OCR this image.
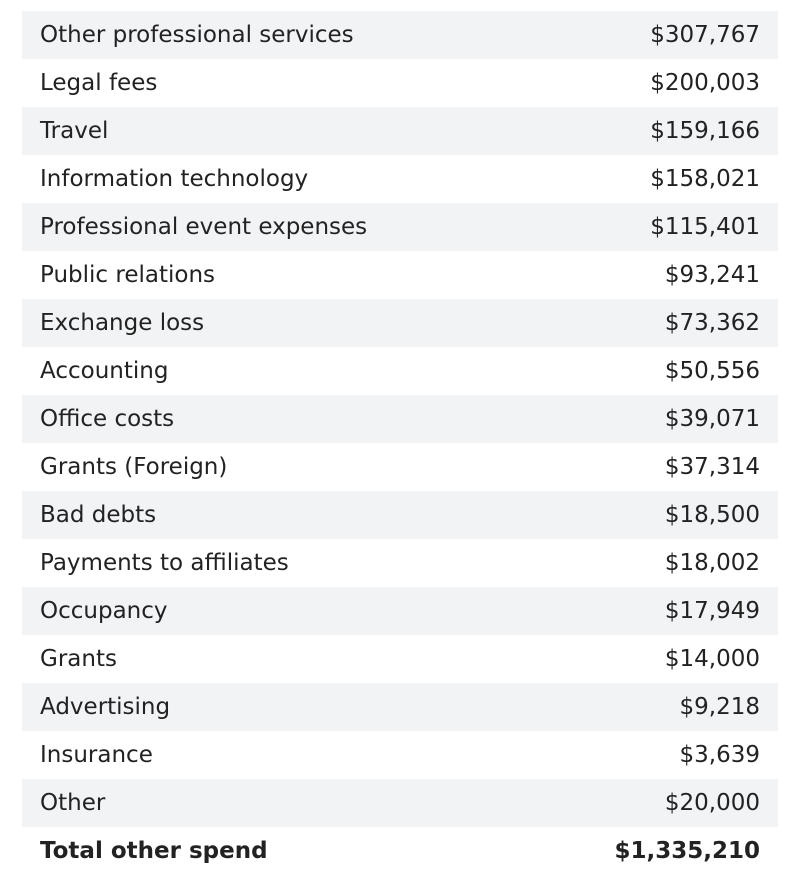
Other professional services	$307,767
Legal fees	$200,003
Travel	$159,166
Information technology	$158,021
Professional event expenses	$115,401
Public relations	$93,241
Exchange loss	$73,362
Accounting	$50,556
Office costs	$39,071
Grants (Foreign)	$37,314
Bad debts	$18,500
Payments to affiliates	$18,002
Occupancy	$17,949
Grants	$14,000
Advertising	$9,218
Insurance	$3,639
Other	$20,000
Total other spend	$1,335,210
